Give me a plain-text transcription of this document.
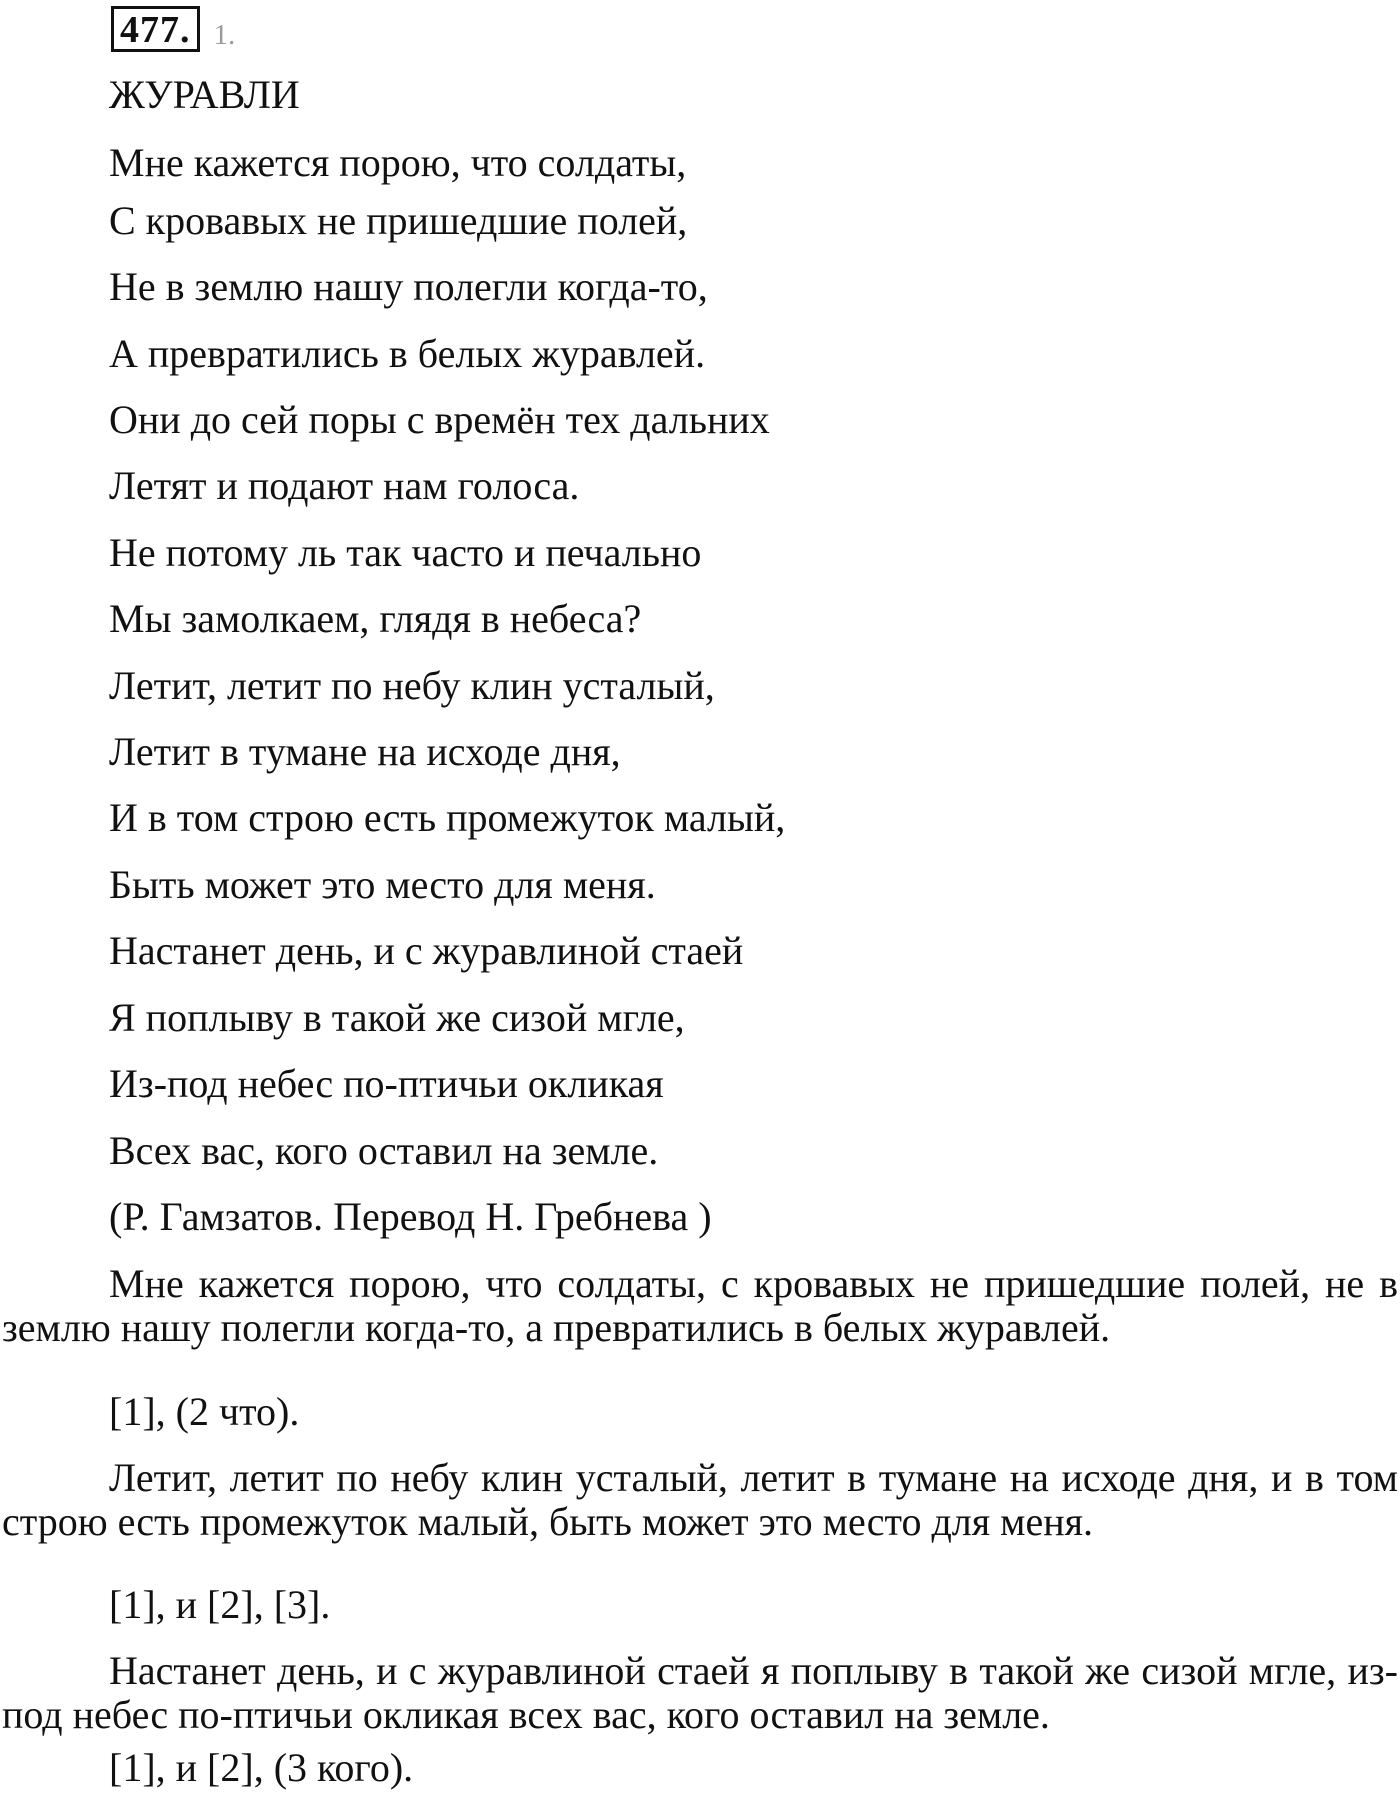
477. 1.
ЖУРАВЛИ
Мне кажется порою, что солдаты,
С кровавых не пришедшие полей,
Не в землю нашу полегли когда-то,
А превратились в белых журавлей.
Они до сей поры с времён тех дальних
Летят и подают нам голоса.
Не потому ль так часто и печально
Мы замолкаем, глядя в небеса?
Летит, летит по небу клин усталый,
Летит в тумане на исходе дня,
И в том строю есть промежуток малый,
Быть может это место для меня.
Настанет день, и с журавлиной стаей
Я поплыву в такой же сизой мгле,
Из-под небес по-птичьи окликая
Всех вас, кого оставил на земле.
(Р. Гамзатов. Перевод Н. Гребнева )
Мне кажется порою, что солдаты, с кровавых не пришедшие полей, не в землю нашу полегли когда-то, а превратились в белых журавлей.
[1], (2 что).
Летит, летит по небу клин усталый, летит в тумане на исходе дня, и в том строю есть промежуток малый, быть может это место для меня.
[1], и [2], [3].
Настанет день, и с журавлиной стаей я поплыву в такой же сизой мгле, из-под небес по-птичьи окликая всех вас, кого оставил на земле.
[1], и [2], (3 кого).
